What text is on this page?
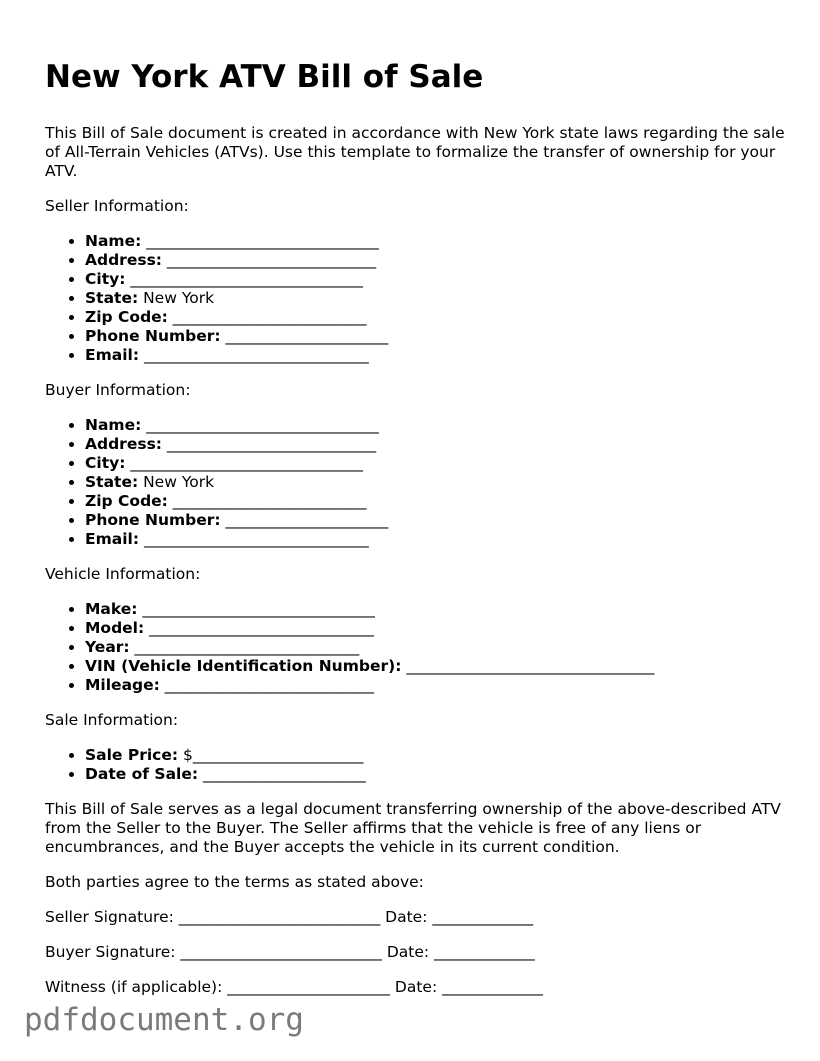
New York ATV Bill of Sale

This Bill of Sale document is created in accordance with New York state laws regarding the sale of All-Terrain Vehicles (ATVs). Use this template to formalize the transfer of ownership for your ATV.

Seller Information:

• Name: ______________________________
• Address: ___________________________
• City: ______________________________
• State: New York
• Zip Code: _________________________
• Phone Number: _____________________
• Email: _____________________________

Buyer Information:

• Name: ______________________________
• Address: ___________________________
• City: ______________________________
• State: New York
• Zip Code: _________________________
• Phone Number: _____________________
• Email: _____________________________

Vehicle Information:

• Make: ______________________________
• Model: _____________________________
• Year: _____________________________
• VIN (Vehicle Identification Number): ________________________________
• Mileage: ___________________________

Sale Information:

• Sale Price: $______________________
• Date of Sale: _____________________

This Bill of Sale serves as a legal document transferring ownership of the above-described ATV from the Seller to the Buyer. The Seller affirms that the vehicle is free of any liens or encumbrances, and the Buyer accepts the vehicle in its current condition.

Both parties agree to the terms as stated above:

Seller Signature: __________________________ Date: _____________

Buyer Signature: __________________________ Date: _____________

Witness (if applicable): _____________________ Date: _____________

pdfdocument.org
